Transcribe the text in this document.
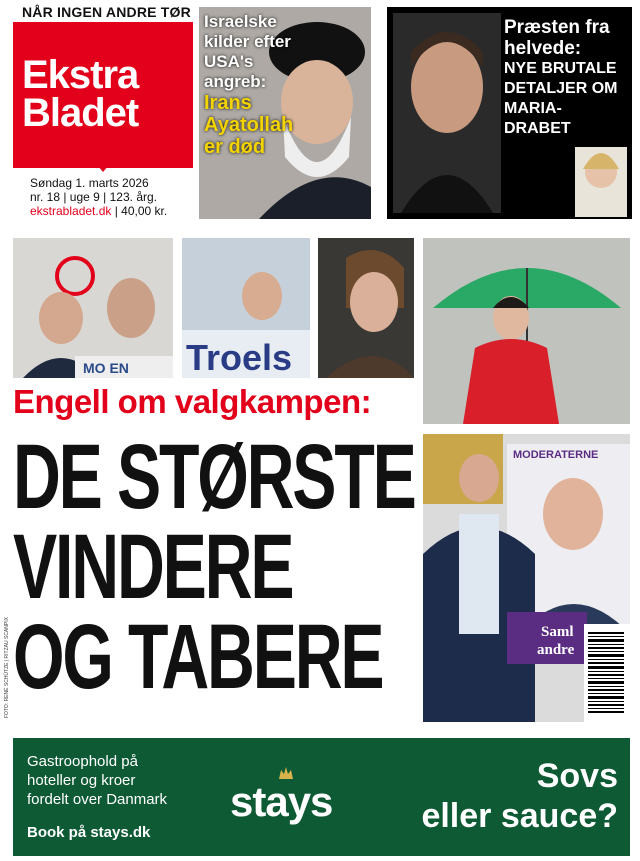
NÅR INGEN ANDRE TØR
Ekstra
Bladet
Søndag 1. marts 2026
nr. 18 | uge 9 | 123. årg.
ekstrabladet.dk | 40,00 kr.
Israelske kilder efter USA's angreb:
Irans Ayatollah er død
Præsten fra helvede:
NYE BRUTALE DETALJER OM MARIA-DRABET
MO EN Troels
Engell om valgkampen:
DE STØRSTE
VINDERE
OG TABERE
FOTO: RENÉ SCHÜTZE | RITZAU SCANPIX
MODERATERNE
Saml
andre
Gastroophold på
hoteller og kroer
fordelt over Danmark
Book på stays.dk
stays
Sovs
eller sauce?
